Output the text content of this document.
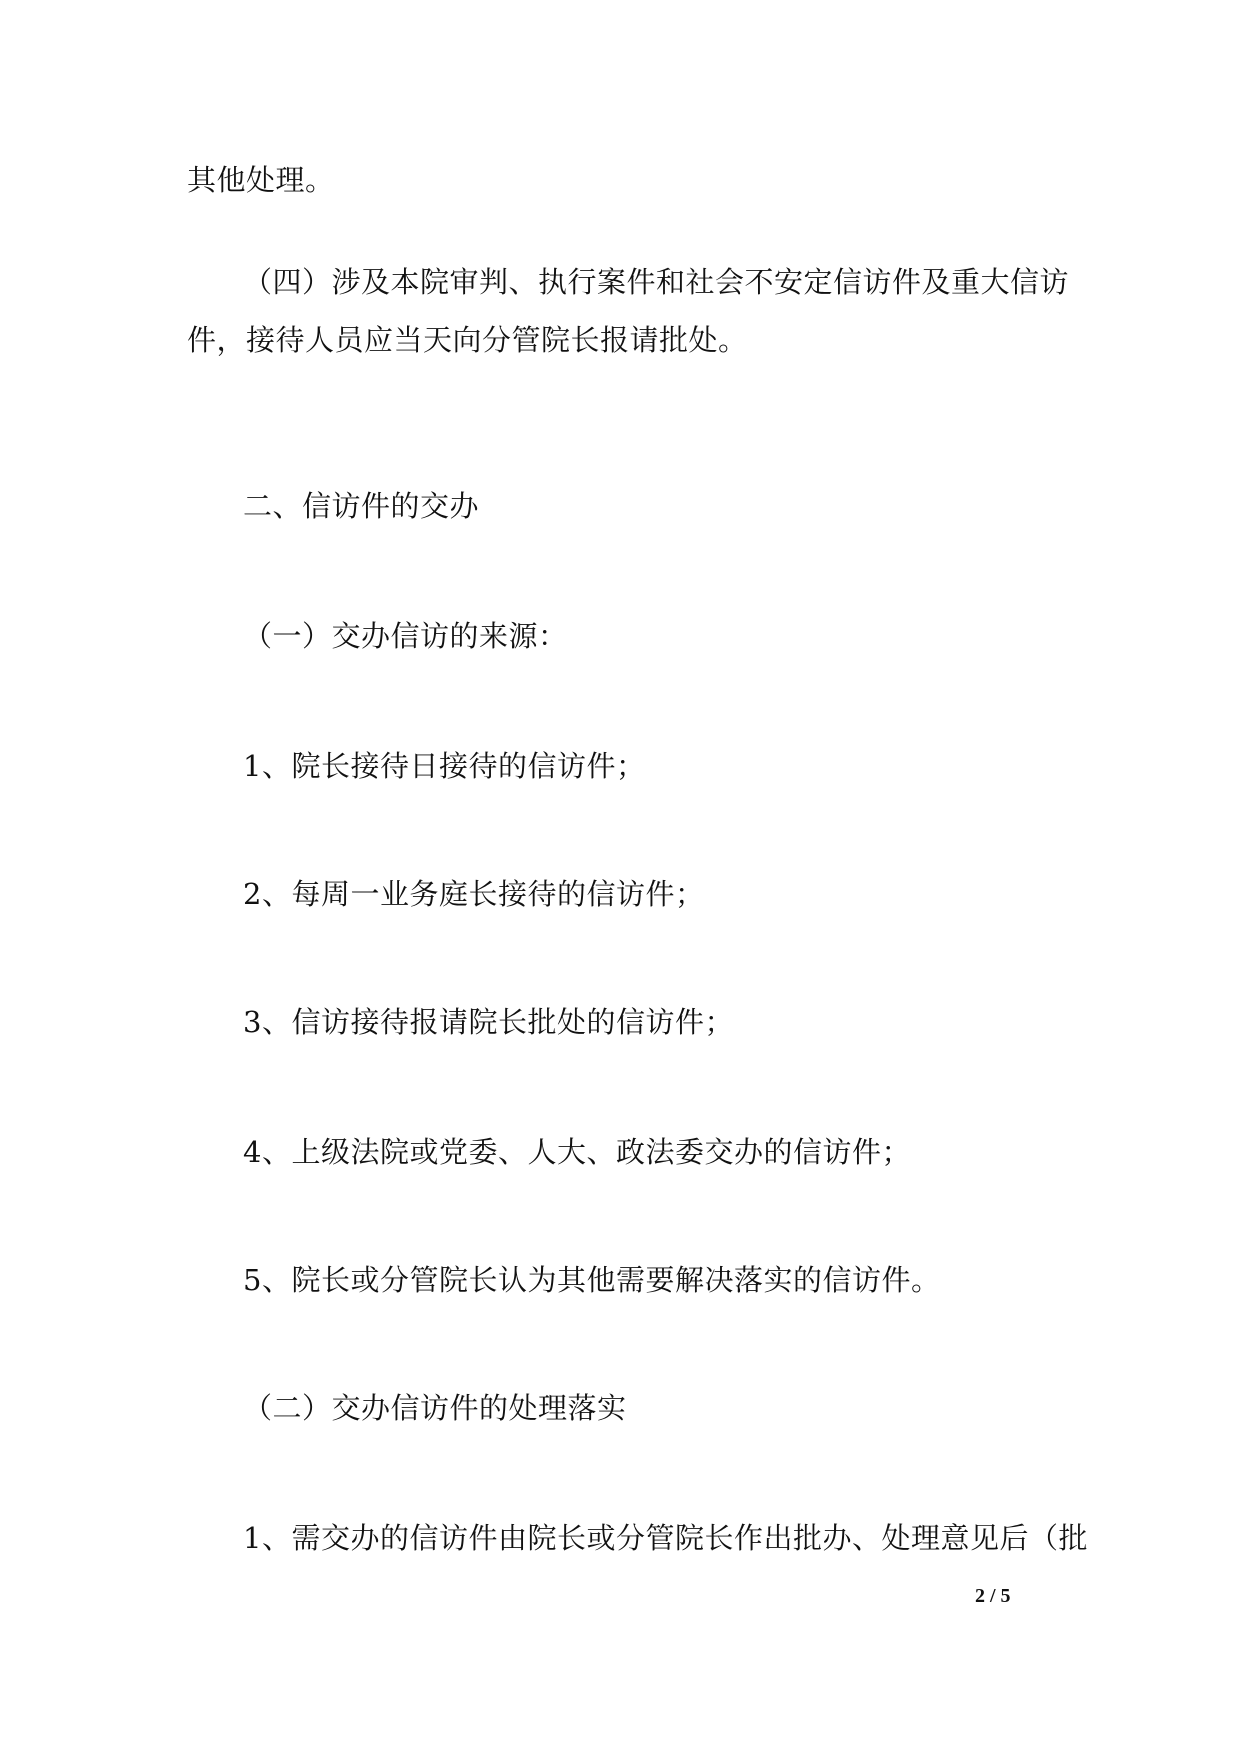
其他处理。
（四）涉及本院审判、执行案件和社会不安定信访件及重大信访
件，接待人员应当天向分管院长报请批处。
二、信访件的交办
（一）交办信访的来源：
1、院长接待日接待的信访件；
2、每周一业务庭长接待的信访件；
3、信访接待报请院长批处的信访件；
4、上级法院或党委、人大、政法委交办的信访件；
5、院长或分管院长认为其他需要解决落实的信访件。
（二）交办信访件的处理落实
1、需交办的信访件由院长或分管院长作出批办、处理意见后（批
2 / 5
